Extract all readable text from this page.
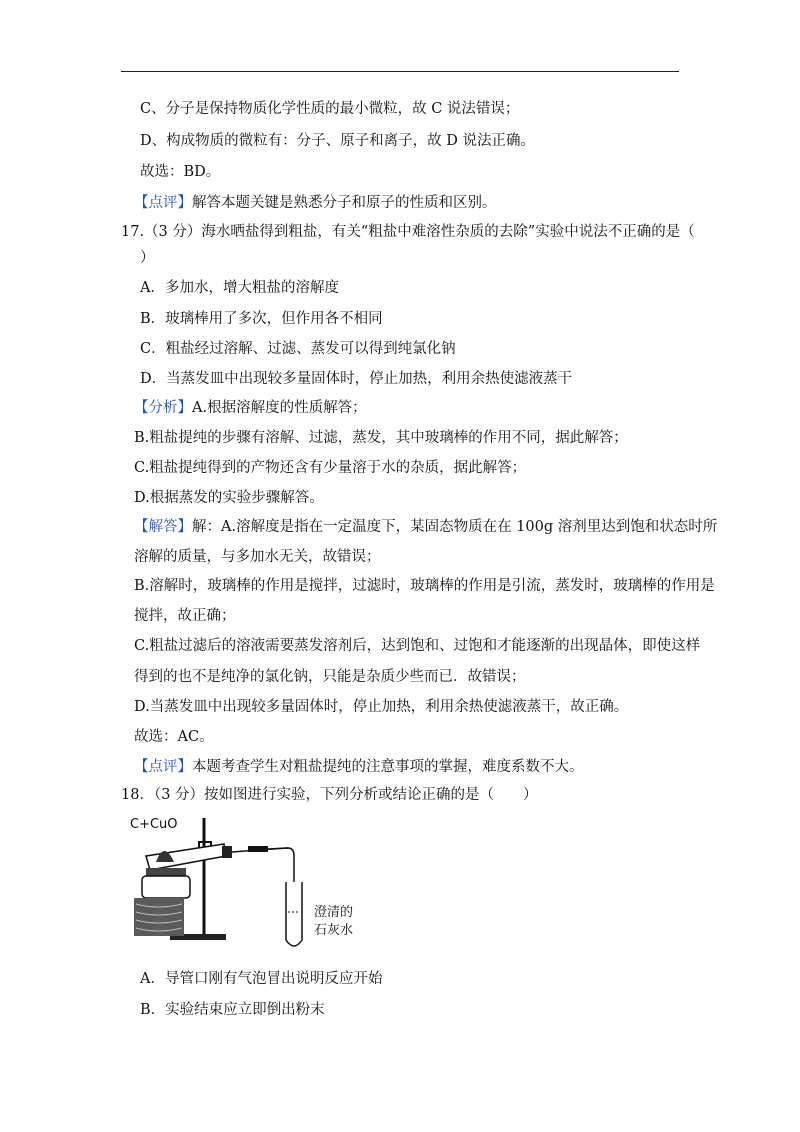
C、分子是保持物质化学性质的最小微粒，故 C 说法错误；
D、构成物质的微粒有：分子、原子和离子，故 D 说法正确。
故选：BD。
【点评】解答本题关键是熟悉分子和原子的性质和区别。
17.（3 分）海水晒盐得到粗盐，有关“粗盐中难溶性杂质的去除”实验中说法不正确的是（
）
A．多加水，增大粗盐的溶解度
B．玻璃棒用了多次，但作用各不相同
C．粗盐经过溶解、过滤、蒸发可以得到纯氯化钠
D．当蒸发皿中出现较多量固体时，停止加热，利用余热使滤液蒸干
【分析】A.根据溶解度的性质解答；
B.粗盐提纯的步骤有溶解、过滤，蒸发，其中玻璃棒的作用不同，据此解答；
C.粗盐提纯得到的产物还含有少量溶于水的杂质，据此解答；
D.根据蒸发的实验步骤解答。
【解答】解：A.溶解度是指在一定温度下，某固态物质在在 100g 溶剂里达到饱和状态时所
溶解的质量，与多加水无关，故错误；
B.溶解时，玻璃棒的作用是搅拌，过滤时，玻璃棒的作用是引流，蒸发时，玻璃棒的作用是
搅拌，故正确；
C.粗盐过滤后的溶液需要蒸发溶剂后，达到饱和、过饱和才能逐渐的出现晶体，即使这样
得到的也不是纯净的氯化钠，只能是杂质少些而已．故错误；
D.当蒸发皿中出现较多量固体时，停止加热，利用余热使滤液蒸干，故正确。
故选：AC。
【点评】本题考查学生对粗盐提纯的注意事项的掌握，难度系数不大。
18．（3 分）按如图进行实验，下列分析或结论正确的是（　　）
C+CuO
澄清的
石灰水
A．导管口刚有气泡冒出说明反应开始
B．实验结束应立即倒出粉末
